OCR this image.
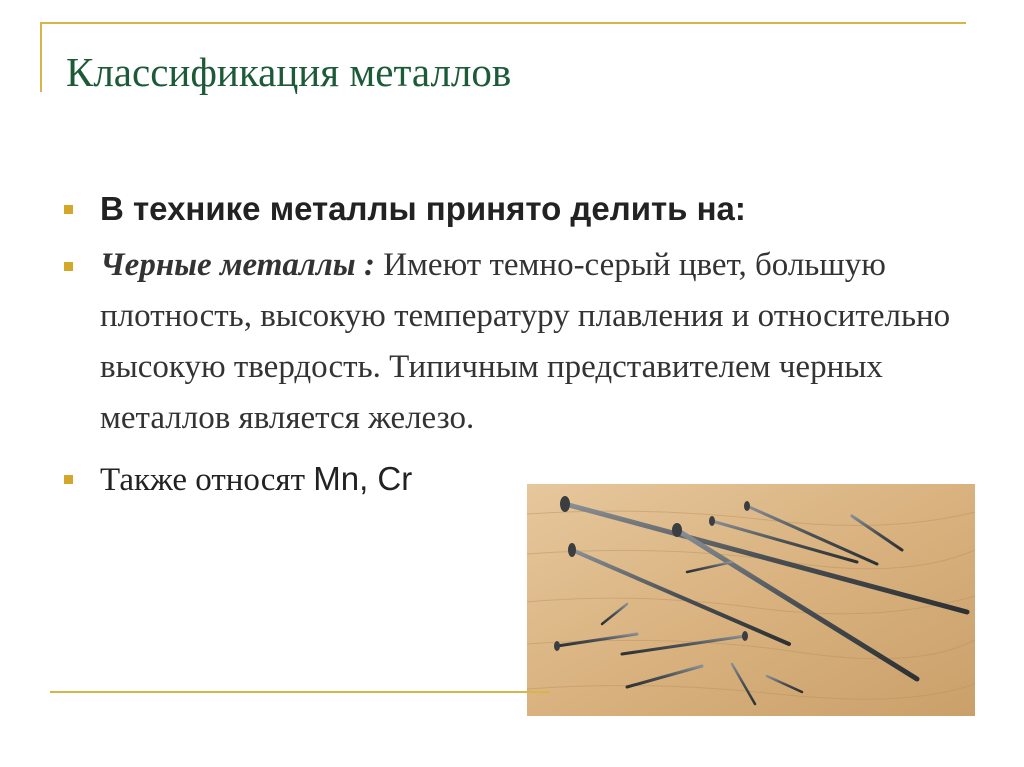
Классификация металлов
В технике металлы принято делить на:
Черные металлы : Имеют темно-серый цвет, большую плотность, высокую температуру плавления и относительно высокую твердость. Типичным представителем черных металлов является железо.
Также относят Mn, Cr
